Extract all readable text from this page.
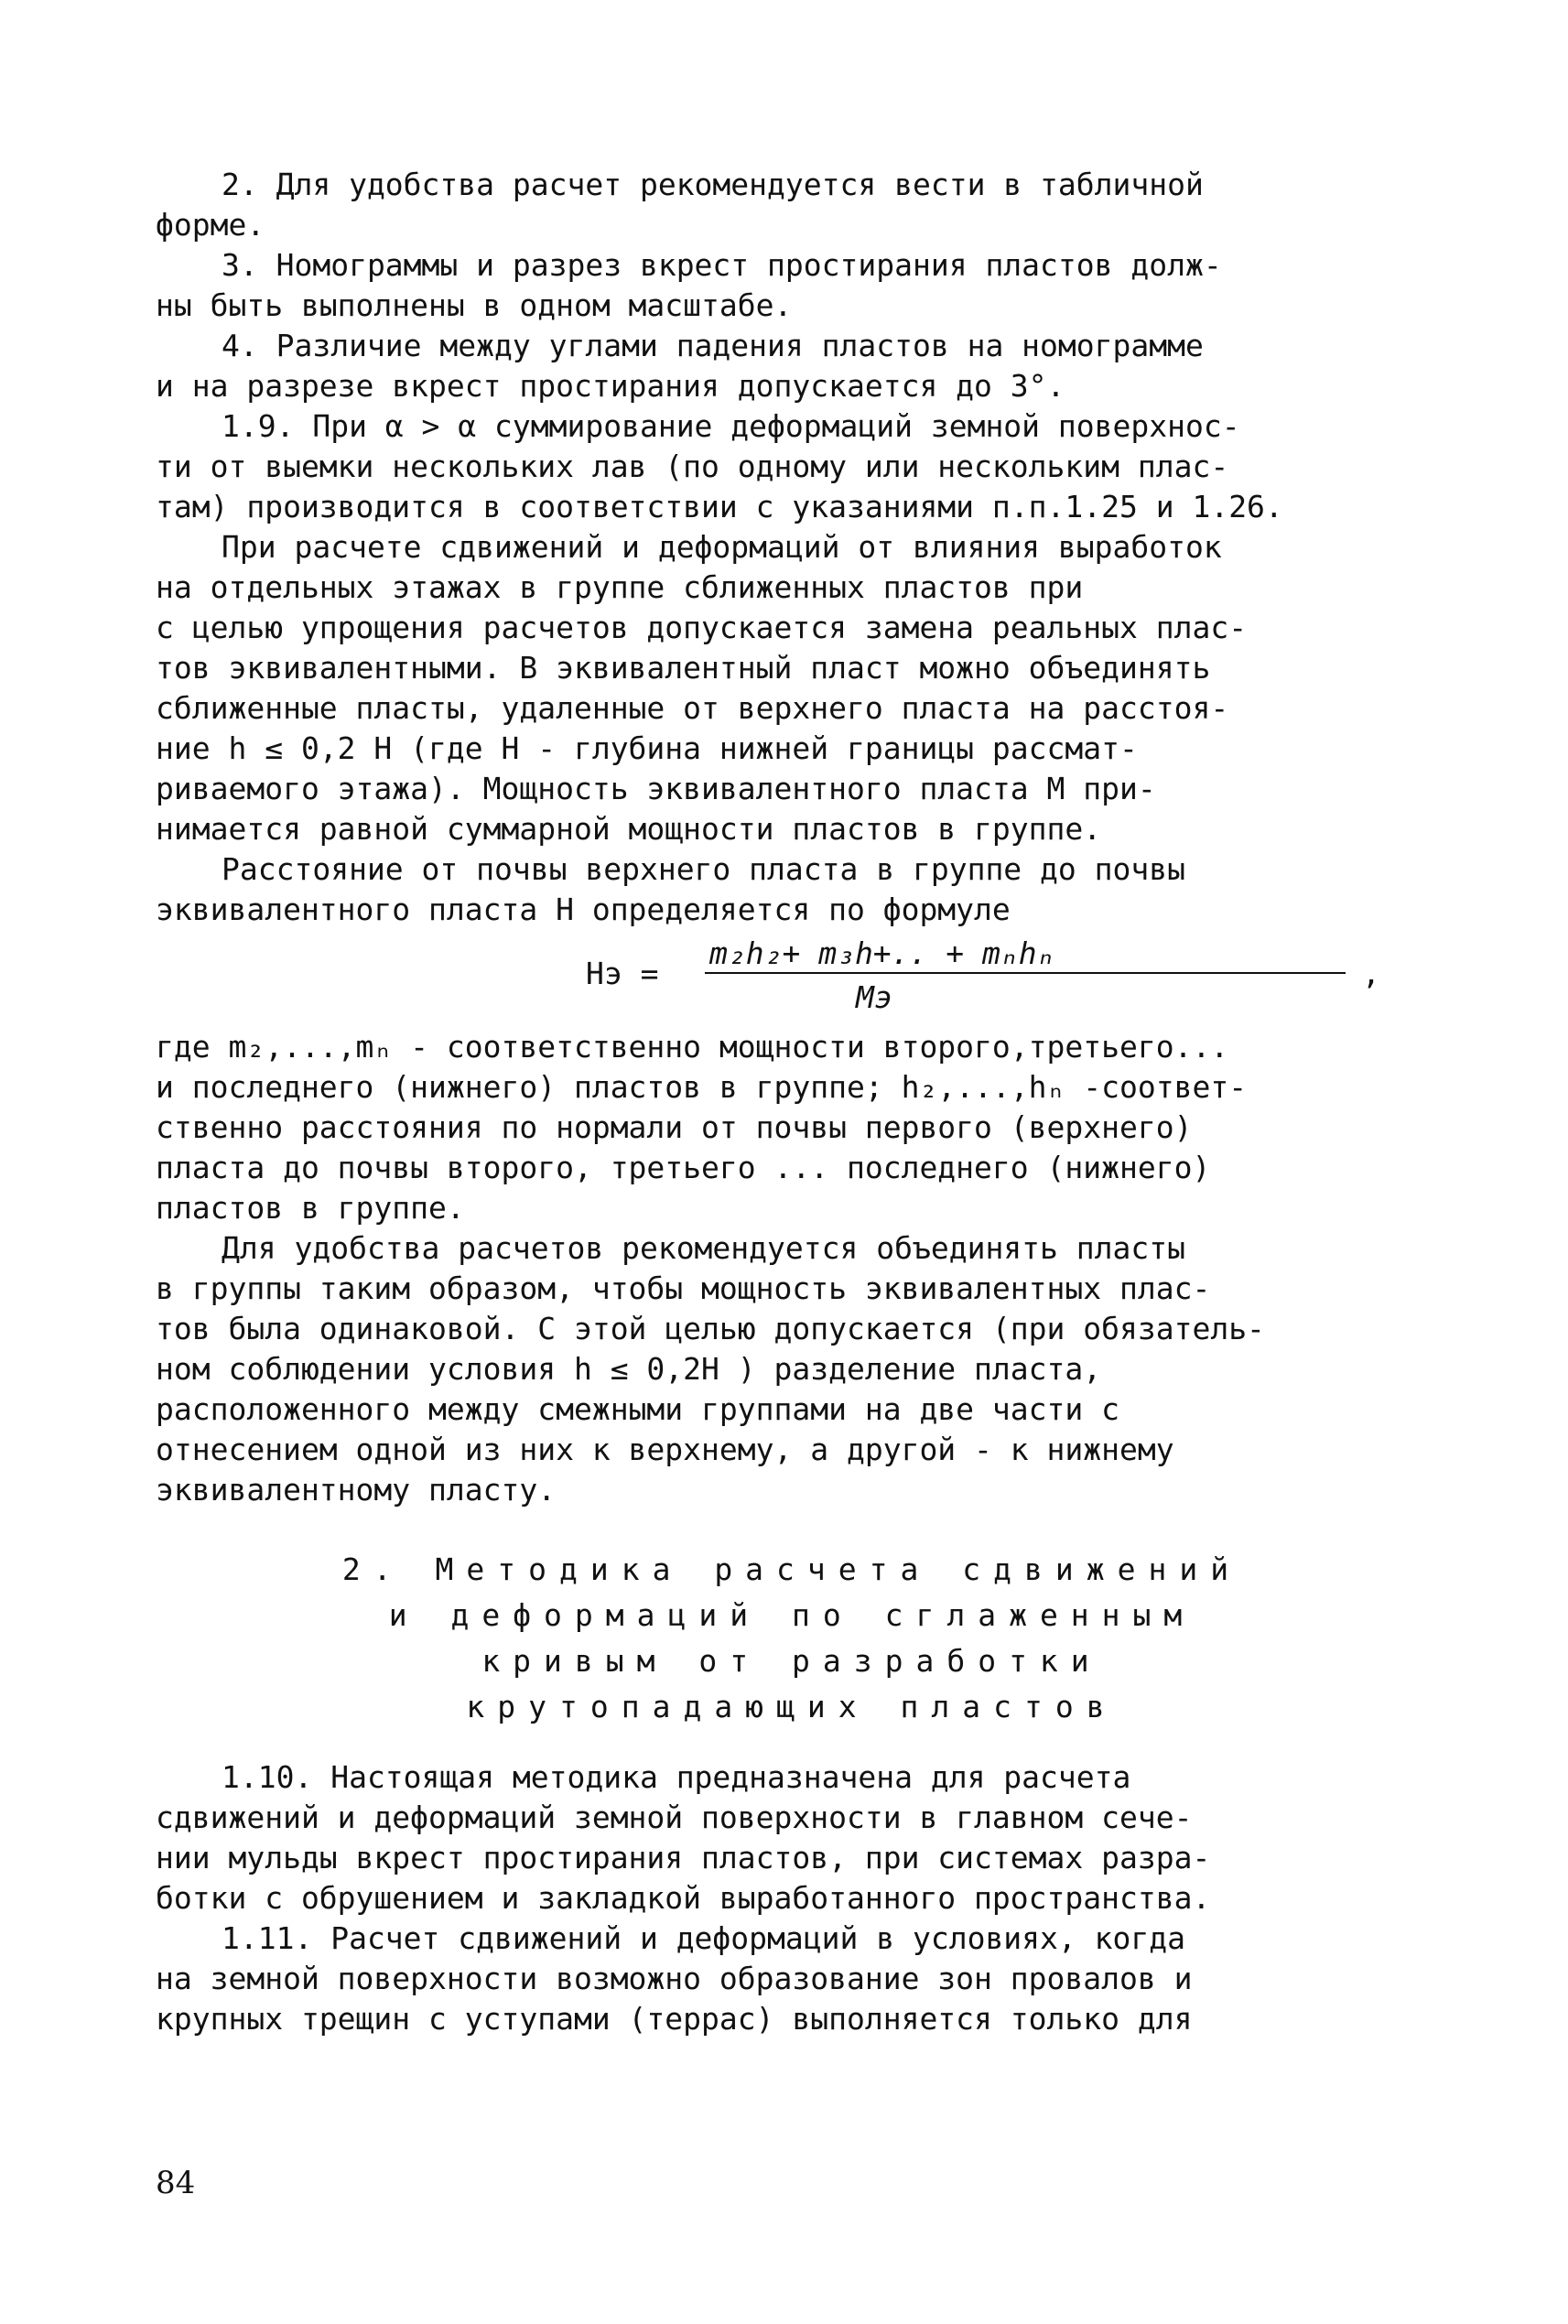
2. Для удобства расчет рекомендуется вести в табличной
форме.
3. Номограммы и разрез вкрест простирания пластов долж-
ны быть выполнены в одном масштабе.
4. Различие между углами падения пластов на номограмме
и на разрезе вкрест простирания допускается до 3°.
1.9. При α > α суммирование деформаций земной поверхнос-
ти от выемки нескольких лав (по одному или нескольким плас-
там) производится в соответствии с указаниями п.п.1.25 и 1.26.
При расчете сдвижений и деформаций от влияния выработок
на отдельных этажах в группе сближенных пластов при
с целью упрощения расчетов допускается замена реальных плас-
тов эквивалентными. В эквивалентный пласт можно объединять
сближенные пласты, удаленные от верхнего пласта на расстоя-
ние h ≤ 0,2 H (где H - глубина нижней границы рассмат-
риваемого этажа). Мощность эквивалентного пласта M при-
нимается равной суммарной мощности пластов в группе.
Расстояние от почвы верхнего пласта в группе до почвы
эквивалентного пласта H определяется по формуле
Hэ =
m₂h₂+ m₃h+.. + mₙhₙ
Mэ
,
где m₂,...,mₙ - соответственно мощности второго,третьего...
и последнего (нижнего) пластов в группе; h₂,...,hₙ -соответ-
ственно расстояния по нормали от почвы первого (верхнего)
пласта до почвы второго, третьего ... последнего (нижнего)
пластов в группе.
Для удобства расчетов рекомендуется объединять пласты
в группы таким образом, чтобы мощность эквивалентных плас-
тов была одинаковой. С этой целью допускается (при обязатель-
ном соблюдении условия h ≤ 0,2H ) разделение пласта,
расположенного между смежными группами на две части с
отнесением одной из них к верхнему, а другой - к нижнему
эквивалентному пласту.
2. Методика расчета сдвижений
и деформаций по сглаженным
кривым от разработки
крутопадающих пластов
1.10. Настоящая методика предназначена для расчета
сдвижений и деформаций земной поверхности в главном сече-
нии мульды вкрест простирания пластов, при системах разра-
ботки с обрушением и закладкой выработанного пространства.
1.11. Расчет сдвижений и деформаций в условиях, когда
на земной поверхности возможно образование зон провалов и
крупных трещин с уступами (террас) выполняется только для
84
